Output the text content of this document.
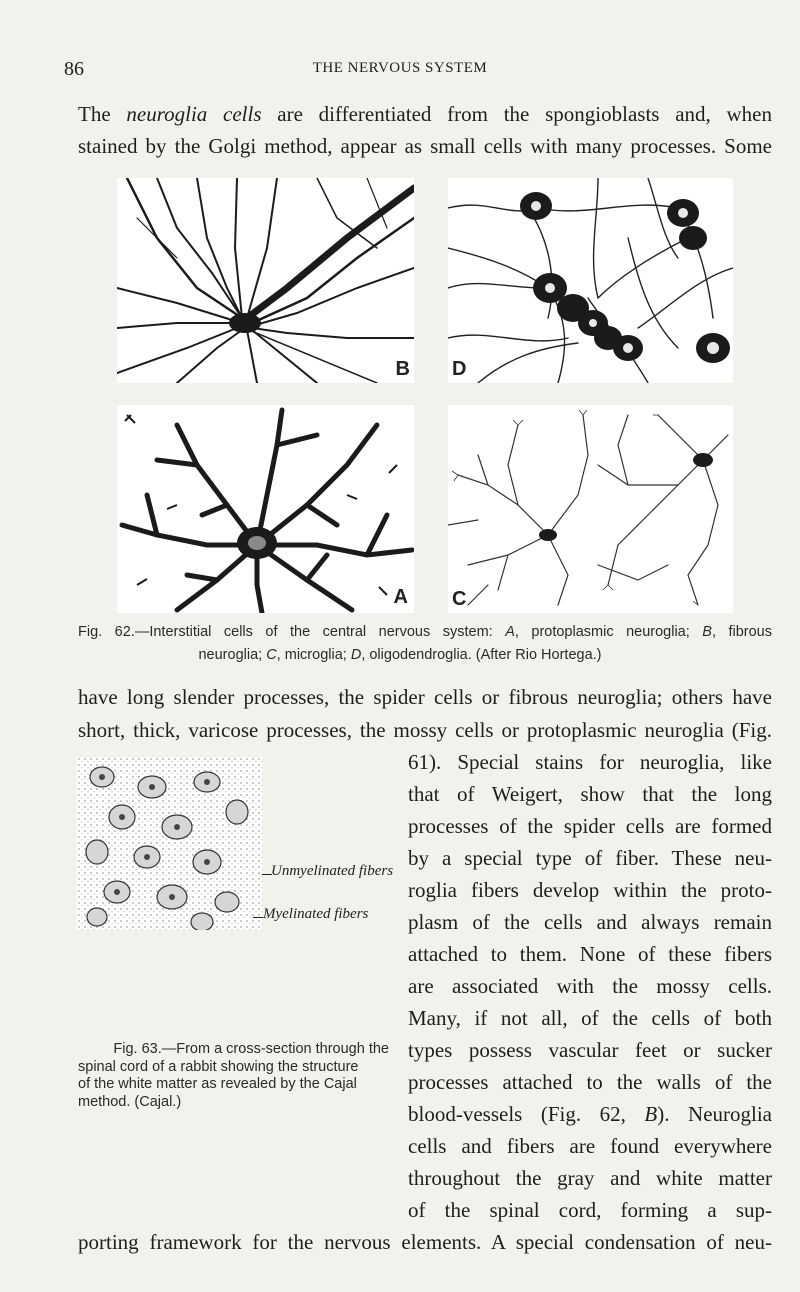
86	THE NERVOUS SYSTEM
The neuroglia cells are differentiated from the spongioblasts and, when
stained by the Golgi method, appear as small cells with many processes. Some
B D
A C
Fig. 62.—Interstitial cells of the central nervous system: A, protoplasmic neuroglia; B, fibrous
neuroglia; C, microglia; D, oligodendroglia. (After Rio Hortega.)
have long slender processes, the spider cells or fibrous neuroglia; others have
short, thick, varicose processes, the mossy cells or protoplasmic neuroglia (Fig.
Unmyelinated fibers
Myelinated fibers
Fig. 63.—From a cross-section through the
spinal cord of a rabbit showing the structure
of the white matter as revealed by the Cajal
method. (Cajal.)
61). Special stains for neuroglia, like
that of Weigert, show that the long
processes of the spider cells are formed
by a special type of fiber. These neu-
roglia fibers develop within the proto-
plasm of the cells and always remain
attached to them. None of these fibers
are associated with the mossy cells.
Many, if not all, of the cells of both
types possess vascular feet or sucker
processes attached to the walls of the
blood-vessels (Fig. 62, B). Neuroglia
cells and fibers are found everywhere
throughout the gray and white matter
of the spinal cord, forming a sup-
porting framework for the nervous elements. A special condensation of neu-
